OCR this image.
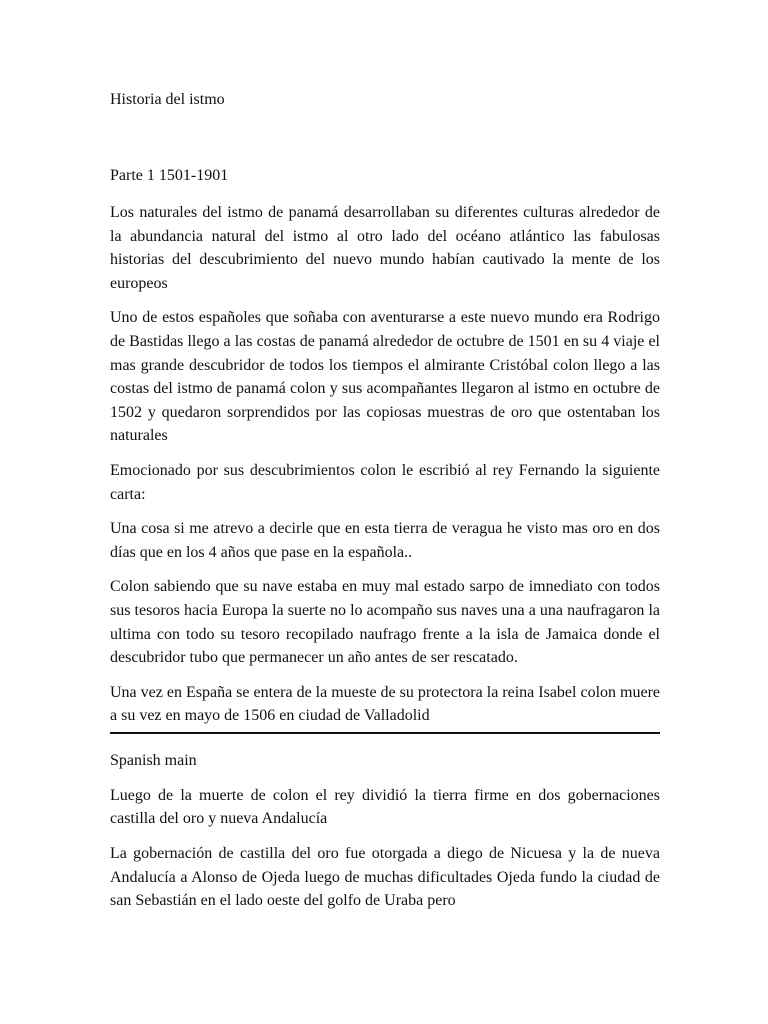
Historia del istmo

Parte 1 1501-1901

Los naturales del istmo de panamá desarrollaban su diferentes culturas alrededor de la abundancia natural del istmo al otro lado del océano atlántico las fabulosas historias del descubrimiento del nuevo mundo habían cautivado la mente de los europeos

Uno de estos españoles que soñaba con aventurarse a este nuevo mundo era Rodrigo de Bastidas llego a las costas de panamá alrededor de octubre de 1501 en su 4 viaje el mas grande descubridor de todos los tiempos el almirante Cristóbal colon llego a las costas del istmo de panamá colon y sus acompañantes llegaron al istmo en octubre de 1502 y quedaron sorprendidos por las copiosas muestras de oro que ostentaban los naturales

Emocionado por sus descubrimientos colon le escribió al rey Fernando la siguiente carta:

Una cosa si me atrevo a decirle que en esta tierra de veragua he visto mas oro en dos días que en los 4 años que pase en la española..

Colon sabiendo que su nave estaba en muy mal estado sarpo de imnediato con todos sus tesoros hacia Europa la suerte no lo acompaño sus naves una a una naufragaron la ultima con todo su tesoro recopilado naufrago frente a la isla de Jamaica donde el descubridor tubo que permanecer un año antes de ser rescatado.

Una vez en España se entera de la mueste de su protectora la reina Isabel colon muere a su vez en mayo de 1506 en ciudad de Valladolid

Spanish main

Luego de la muerte de colon el rey dividió la tierra firme en dos gobernaciones castilla del oro y nueva Andalucía

La gobernación de castilla del oro fue otorgada a diego de Nicuesa y la de nueva Andalucía a Alonso de Ojeda luego de muchas dificultades Ojeda fundo la ciudad de san Sebastián en el lado oeste del golfo de Uraba pero
